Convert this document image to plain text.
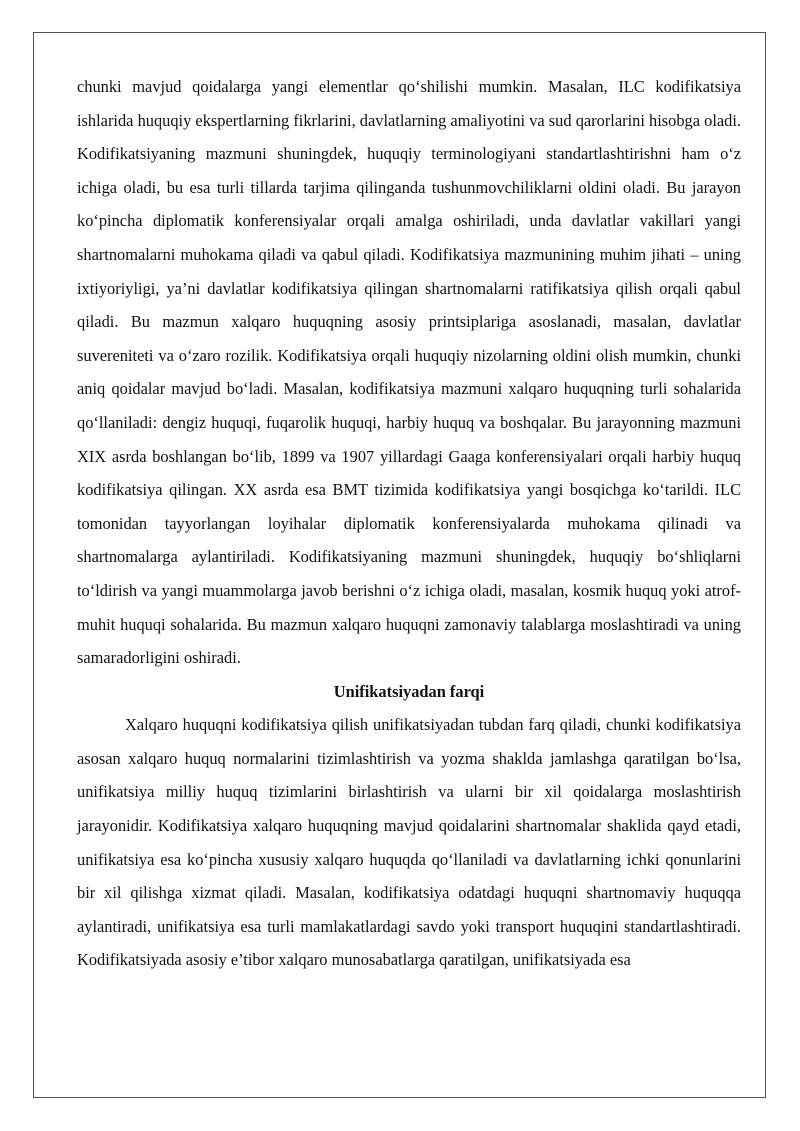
chunki mavjud qoidalarga yangi elementlar qo‘shilishi mumkin. Masalan, ILC kodifikatsiya ishlarida huquqiy ekspertlarning fikrlarini, davlatlarning amaliyotini va sud qarorlarini hisobga oladi. Kodifikatsiyaning mazmuni shuningdek, huquqiy terminologiyani standartlashtirishni ham o‘z ichiga oladi, bu esa turli tillarda tarjima qilinganda tushunmovchiliklarni oldini oladi. Bu jarayon ko‘pincha diplomatik konferensiyalar orqali amalga oshiriladi, unda davlatlar vakillari yangi shartnomalarni muhokama qiladi va qabul qiladi. Kodifikatsiya mazmunining muhim jihati – uning ixtiyoriyligi, ya’ni davlatlar kodifikatsiya qilingan shartnomalarni ratifikatsiya qilish orqali qabul qiladi. Bu mazmun xalqaro huquqning asosiy printsiplariga asoslanadi, masalan, davlatlar suvereniteti va o‘zaro rozilik. Kodifikatsiya orqali huquqiy nizolarning oldini olish mumkin, chunki aniq qoidalar mavjud bo‘ladi. Masalan, kodifikatsiya mazmuni xalqaro huquqning turli sohalarida qo‘llaniladi: dengiz huquqi, fuqarolik huquqi, harbiy huquq va boshqalar. Bu jarayonning mazmuni XIX asrda boshlangan bo‘lib, 1899 va 1907 yillardagi Gaaga konferensiyalari orqali harbiy huquq kodifikatsiya qilingan. XX asrda esa BMT tizimida kodifikatsiya yangi bosqichga ko‘tarildi. ILC tomonidan tayyorlangan loyihalar diplomatik konferensiyalarda muhokama qilinadi va shartnomalarga aylantiriladi. Kodifikatsiyaning mazmuni shuningdek, huquqiy bo‘shliqlarni to‘ldirish va yangi muammolarga javob berishni o‘z ichiga oladi, masalan, kosmik huquq yoki atrof-muhit huquqi sohalarida. Bu mazmun xalqaro huquqni zamonaviy talablarga moslashtiradi va uning samaradorligini oshiradi.

Unifikatsiyadan farqi

Xalqaro huquqni kodifikatsiya qilish unifikatsiyadan tubdan farq qiladi, chunki kodifikatsiya asosan xalqaro huquq normalarini tizimlashtirish va yozma shaklda jamlashga qaratilgan bo‘lsa, unifikatsiya milliy huquq tizimlarini birlashtirish va ularni bir xil qoidalarga moslashtirish jarayonidir. Kodifikatsiya xalqaro huquqning mavjud qoidalarini shartnomalar shaklida qayd etadi, unifikatsiya esa ko‘pincha xususiy xalqaro huquqda qo‘llaniladi va davlatlarning ichki qonunlarini bir xil qilishga xizmat qiladi. Masalan, kodifikatsiya odatdagi huquqni shartnomaviy huquqqa aylantiradi, unifikatsiya esa turli mamlakatlardagi savdo yoki transport huquqini standartlashtiradi. Kodifikatsiyada asosiy e’tibor xalqaro munosabatlarga qaratilgan, unifikatsiyada esa
